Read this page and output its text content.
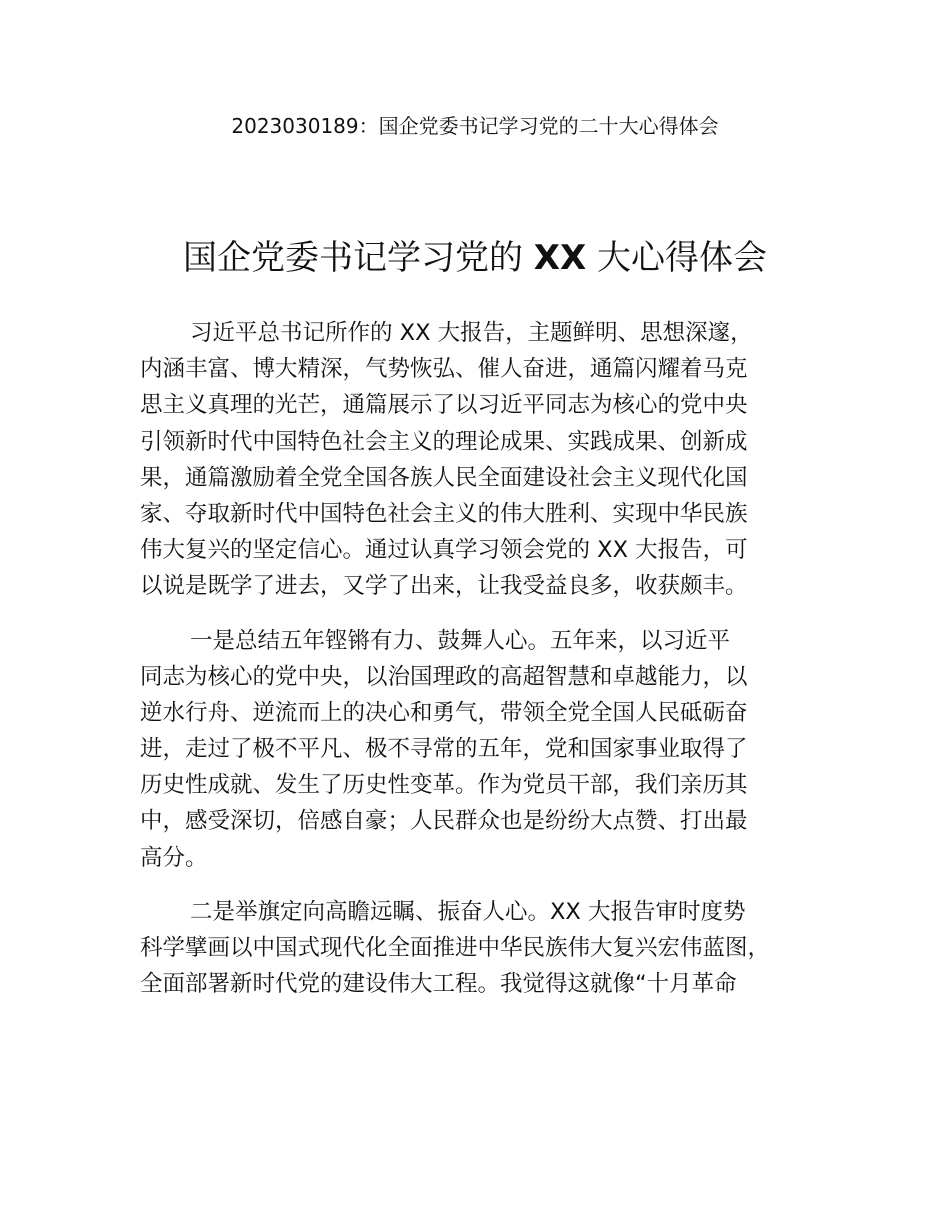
2023030189：国企党委书记学习党的二十大心得体会
国企党委书记学习党的 XX 大心得体会
习近平总书记所作的 XX 大报告，主题鲜明、思想深邃，
内涵丰富、博大精深，气势恢弘、催人奋进，通篇闪耀着马克
思主义真理的光芒，通篇展示了以习近平同志为核心的党中央
引领新时代中国特色社会主义的理论成果、实践成果、创新成
果，通篇激励着全党全国各族人民全面建设社会主义现代化国
家、夺取新时代中国特色社会主义的伟大胜利、实现中华民族
伟大复兴的坚定信心。通过认真学习领会党的 XX 大报告，可
以说是既学了进去，又学了出来，让我受益良多，收获颇丰。
一是总结五年铿锵有力、鼓舞人心。五年来，以习近平
同志为核心的党中央，以治国理政的高超智慧和卓越能力，以
逆水行舟、逆流而上的决心和勇气，带领全党全国人民砥砺奋
进，走过了极不平凡、极不寻常的五年，党和国家事业取得了
历史性成就、发生了历史性变革。作为党员干部，我们亲历其
中，感受深切，倍感自豪；人民群众也是纷纷大点赞、打出最
高分。
二是举旗定向高瞻远瞩、振奋人心。XX 大报告审时度势
科学擘画以中国式现代化全面推进中华民族伟大复兴宏伟蓝图，
全面部署新时代党的建设伟大工程。我觉得这就像“十月革命
